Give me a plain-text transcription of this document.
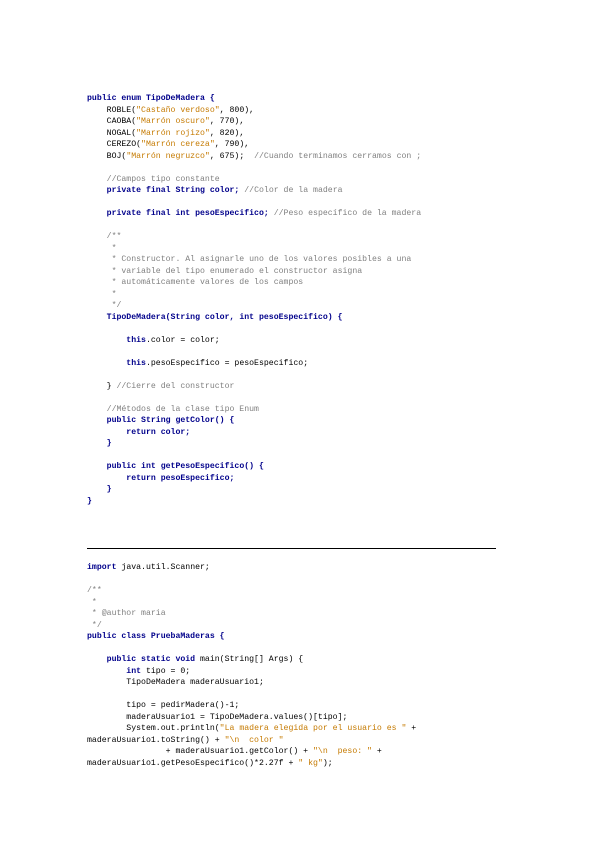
public enum TipoDeMadera {
ROBLE("Castaño verdoso", 800),
CAOBA("Marrón oscuro", 770),
NOGAL("Marrón rojizo", 820),
CEREZO("Marrón cereza", 790),
BOJ("Marrón negruzco", 675);  //Cuando terminamos cerramos con ;

//Campos tipo constante
private final String color; //Color de la madera

private final int pesoEspecifico; //Peso específico de la madera

/**
*
* Constructor. Al asignarle uno de los valores posibles a una
* variable del tipo enumerado el constructor asigna
* automáticamente valores de los campos
*
*/
TipoDeMadera(String color, int pesoEspecifico) {

this.color = color;

this.pesoEspecifico = pesoEspecifico;

} //Cierre del constructor

//Métodos de la clase tipo Enum
public String getColor() {
return color;
}

public int getPesoEspecifico() {
return pesoEspecifico;
}
}
import java.util.Scanner;

/**
*
* @author maria
*/
public class PruebaMaderas {

public static void main(String[] Args) {
int tipo = 0;
TipoDeMadera maderaUsuario1;

tipo = pedirMadera()-1;
maderaUsuario1 = TipoDeMadera.values()[tipo];
System.out.println("La madera elegida por el usuario es " +
maderaUsuario1.toString() + "\n  color "
+ maderaUsuario1.getColor() + "\n  peso: " +
maderaUsuario1.getPesoEspecifico()*2.27f + " kg");
